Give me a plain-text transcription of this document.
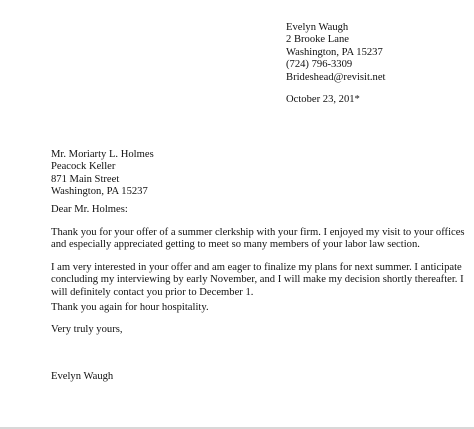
Evelyn Waugh
2 Brooke Lane
Washington, PA 15237
(724) 796-3309
Brideshead@revisit.net
October 23, 201*
Mr. Moriarty L. Holmes
Peacock Keller
871 Main Street
Washington, PA 15237
Dear Mr. Holmes:
Thank you for your offer of a summer clerkship with your firm. I enjoyed my visit to your offices
and especially appreciated getting to meet so many members of your labor law section.
I am very interested in your offer and am eager to finalize my plans for next summer. I anticipate
concluding my interviewing by early November, and I will make my decision shortly thereafter. I
will definitely contact you prior to December 1.
Thank you again for hour hospitality.
Very truly yours,
Evelyn Waugh
